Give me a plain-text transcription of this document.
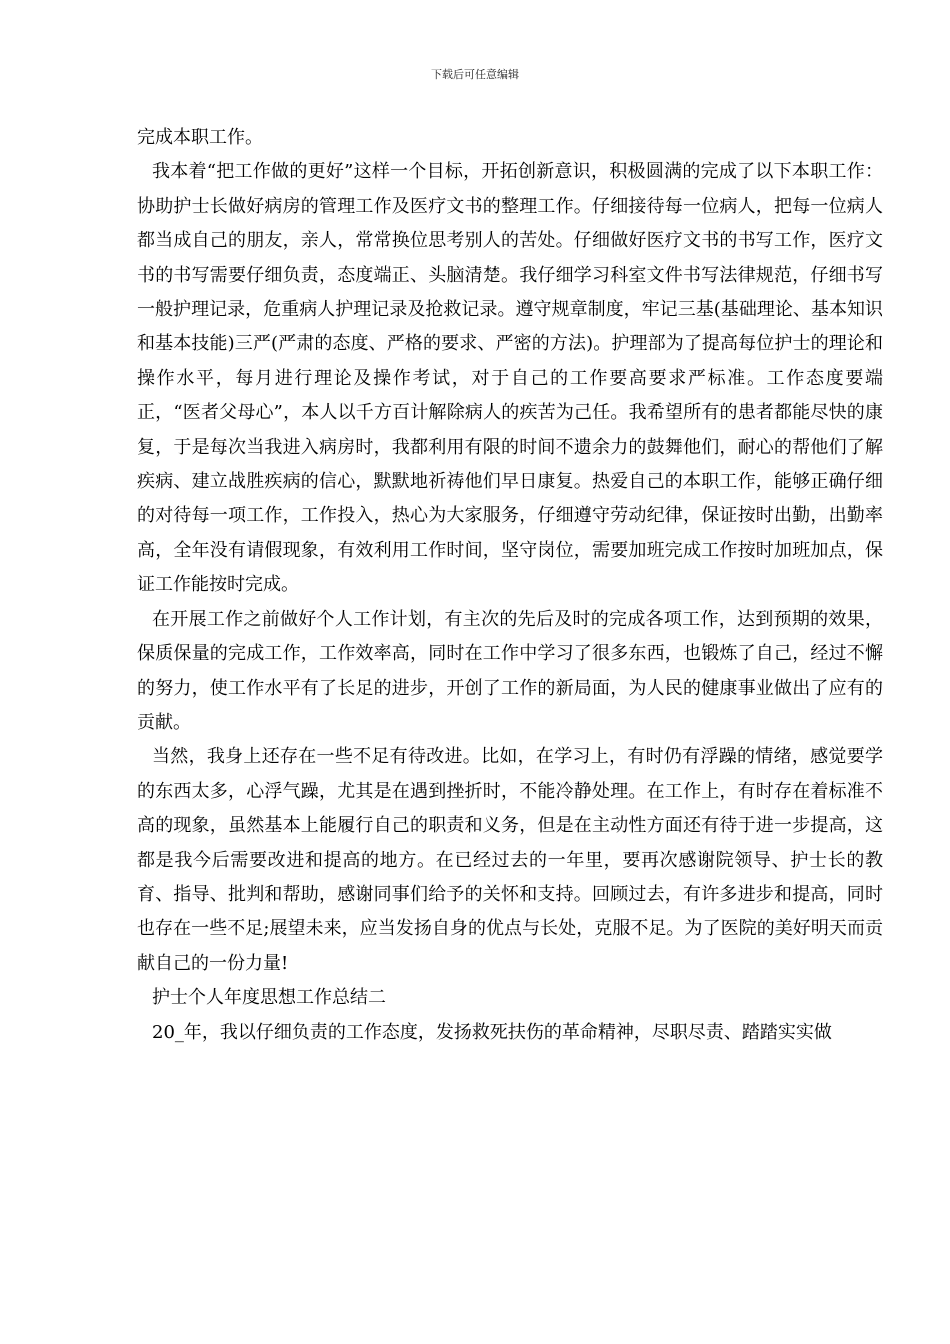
下载后可任意编辑

完成本职工作。

我本着“把工作做的更好”这样一个目标，开拓创新意识，积极圆满的完成了以下本职工作：协助护士长做好病房的管理工作及医疗文书的整理工作。仔细接待每一位病人，把每一位病人都当成自己的朋友，亲人，常常换位思考别人的苦处。仔细做好医疗文书的书写工作，医疗文书的书写需要仔细负责，态度端正、头脑清楚。我仔细学习科室文件书写法律规范，仔细书写一般护理记录，危重病人护理记录及抢救记录。遵守规章制度，牢记三基(基础理论、基本知识和基本技能)三严(严肃的态度、严格的要求、严密的方法)。护理部为了提高每位护士的理论和操作水平，每月进行理论及操作考试，对于自己的工作要高要求严标准。工作态度要端正，“医者父母心”，本人以千方百计解除病人的疾苦为己任。我希望所有的患者都能尽快的康复，于是每次当我进入病房时，我都利用有限的时间不遗余力的鼓舞他们，耐心的帮他们了解疾病、建立战胜疾病的信心，默默地祈祷他们早日康复。热爱自己的本职工作，能够正确仔细的对待每一项工作，工作投入，热心为大家服务，仔细遵守劳动纪律，保证按时出勤，出勤率高，全年没有请假现象，有效利用工作时间，坚守岗位，需要加班完成工作按时加班加点，保证工作能按时完成。

在开展工作之前做好个人工作计划，有主次的先后及时的完成各项工作，达到预期的效果，保质保量的完成工作，工作效率高，同时在工作中学习了很多东西，也锻炼了自己，经过不懈的努力，使工作水平有了长足的进步，开创了工作的新局面，为人民的健康事业做出了应有的贡献。

当然，我身上还存在一些不足有待改进。比如，在学习上，有时仍有浮躁的情绪，感觉要学的东西太多，心浮气躁，尤其是在遇到挫折时，不能冷静处理。在工作上，有时存在着标准不高的现象，虽然基本上能履行自己的职责和义务，但是在主动性方面还有待于进一步提高，这都是我今后需要改进和提高的地方。在已经过去的一年里，要再次感谢院领导、护士长的教育、指导、批判和帮助，感谢同事们给予的关怀和支持。回顾过去，有许多进步和提高，同时也存在一些不足;展望未来，应当发扬自身的优点与长处，克服不足。为了医院的美好明天而贡献自己的一份力量!

护士个人年度思想工作总结二

20_年，我以仔细负责的工作态度，发扬救死扶伤的革命精神，尽职尽责、踏踏实实做
